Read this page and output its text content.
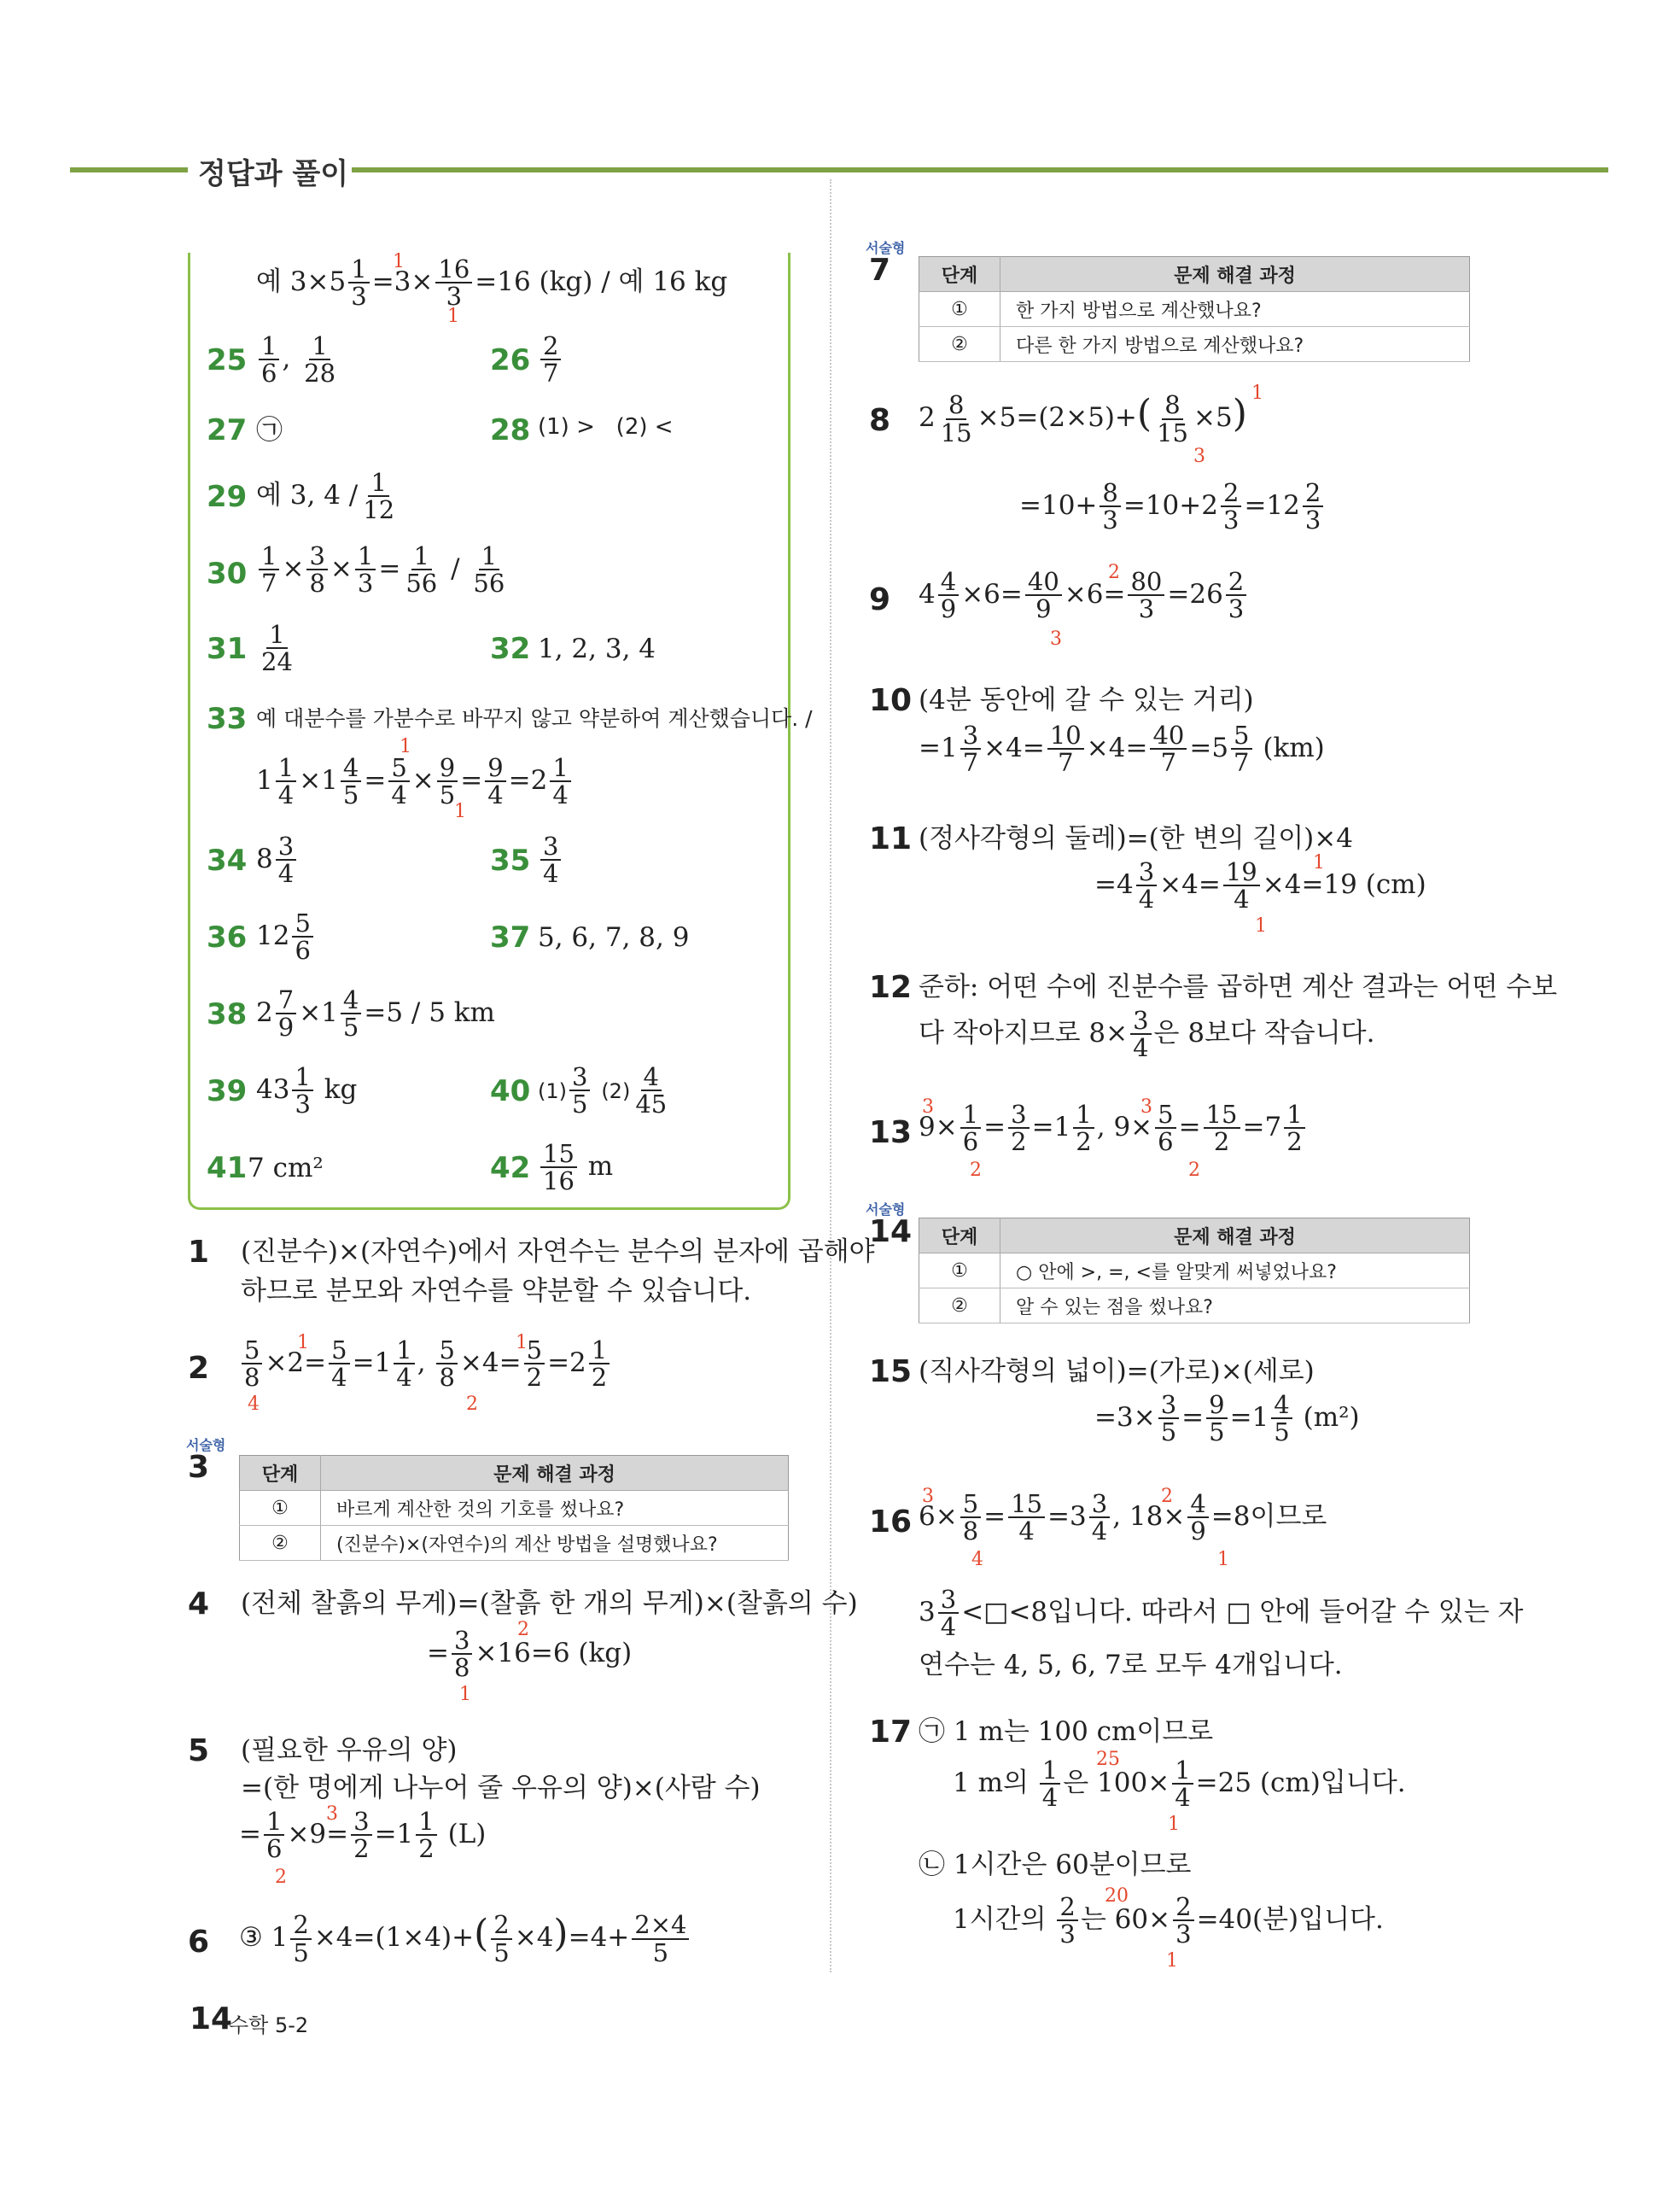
정답과 풀이
예 $3\times 5 \frac{1}{3} =3\times \frac{16}{3} =16$ (kg) / 예 16 kg
1
1
$25 \frac{1}{6}$ , $\frac{1}{28}$	$26 \frac{2}{7}$
27 ㉠	28 (1) >   (2) <
29 예 3, $4 / \frac{1}{12}$
$30 \frac{1}{7} \times \frac{3}{8} \times \frac{1}{3} = \frac{1}{56} / \frac{1}{56}$
$31 \frac{1}{24}$	32 1, 2, 3, 4
33 예 대분수를 가분수로 바꾸지 않고 약분하여 계산했습니다. /
$1 \frac{1}{4} \times 1 \frac{4}{5} = \frac{5}{4} \times \frac{9}{5} = \frac{9}{4} =2 \frac{1}{4}$
1
1
34 $8 \frac{3}{4}$	$35 \frac{3}{4}$
36 $12 \frac{5}{6}$	37 5, 6, 7, 8, 9
38 $2 \frac{7}{9} \times 1 \frac{4}{5} =5 / 5$ km
39 $43 \frac{1}{3}$ kg	40 $(1) \frac{3}{5} (2) \frac{4}{45}$
41 7 cm²	$42 \frac{15}{16}$ m
1 (진분수)×(자연수)에서 자연수는 분수의 분자에 곱해야
하므로 분모와 자연수를 약분할 수 있습니다.
$2 \frac{5}{8} \times 2= \frac{5}{4} =1 \frac{1}{4}$ , $\frac{5}{8} \times 4= \frac{5}{2} =2 \frac{1}{2}$
1
4
1
2
서술형
3	단계	문제 해결 과정
①	바르게 계산한 것의 기호를 썼나요?
②	(진분수)×(자연수)의 계산 방법을 설명했나요?
4 (전체 찰흙의 무게)=(찰흙 한 개의 무게)×(찰흙의 수)
= $\frac{3}{8} \times 16=6$ (kg)
2
1
5 (필요한 우유의 양)
=(한 명에게 나누어 줄 우유의 양)×(사람 수)
= $\frac{1}{6} \times 9= \frac{3}{2} =1 \frac{1}{2} (L)$
3
2
6 ③ $1 \frac{2}{5} \times 4=(1\times 4)+( \frac{2}{5} \times 4)=4+ \frac{2\times 4}{5}$
서술형
7	단계	문제 해결 과정
①	한 가지 방법으로 계산했나요?
②	다른 한 가지 방법으로 계산했나요?
8 $2 \frac{8}{15} \times 5=(2\times 5)+( \frac{8}{15} \times 5)$ 1
3
$=10+ \frac{8}{3} =10+2 \frac{2}{3} =12 \frac{2}{3}$
9 $4 \frac{4}{9} \times 6= \frac{40}{9} \times 6= \frac{80}{3} =26 \frac{2}{3}$
2
3
10 (4분 동안에 갈 수 있는 거리)
$=1 \frac{3}{7} \times 4= \frac{10}{7} \times 4= \frac{40}{7} =5 \frac{5}{7} (km)$
11 (정사각형의 둘레)=(한 변의 길이)×4
$=4 \frac{3}{4} \times 4= \frac{19}{4} \times 4=19$ (cm)
1
1
12 준하: 어떤 수에 진분수를 곱하면 계산 결과는 어떤 수보
다 작아지므로 $8\times \frac{3}{4}$ 은 8보다 작습니다.
13 $9\times \frac{1}{6} = \frac{3}{2} =1 \frac{1}{2}$ , $9\times \frac{5}{6} = \frac{15}{2} =7 \frac{1}{2}$
3
2
3
2
서술형
14 단계	문제 해결 과정
①	○ 안에 >, =, <를 알맞게 써넣었나요?
②	알 수 있는 점을 썼나요?
15 (직사각형의 넓이)=(가로)×(세로)
$=3\times \frac{3}{5} = \frac{9}{5} =1 \frac{4}{5} (m^2)$
16 $6\times \frac{5}{8} = \frac{15}{4} =3 \frac{3}{4}$ , $18\times \frac{4}{9} =8$이므로
3
4
2
1
$3 \frac{3}{4}$ <□<8입니다. 따라서 □ 안에 들어갈 수 있는 자
연수는 4, 5, 6, 7로 모두 4개입니다.
17 ㉠ 1 m는 100 cm이므로
1 m의 $\frac{1}{4}$ 은 $100\times \frac{1}{4} =25$ (cm)입니다.
25
1
㉡ 1시간은 60분이므로
1시간의 $\frac{2}{3}$ 는 $60\times \frac{2}{3} =40$(분)입니다.
20
1
14
수학 5-2
